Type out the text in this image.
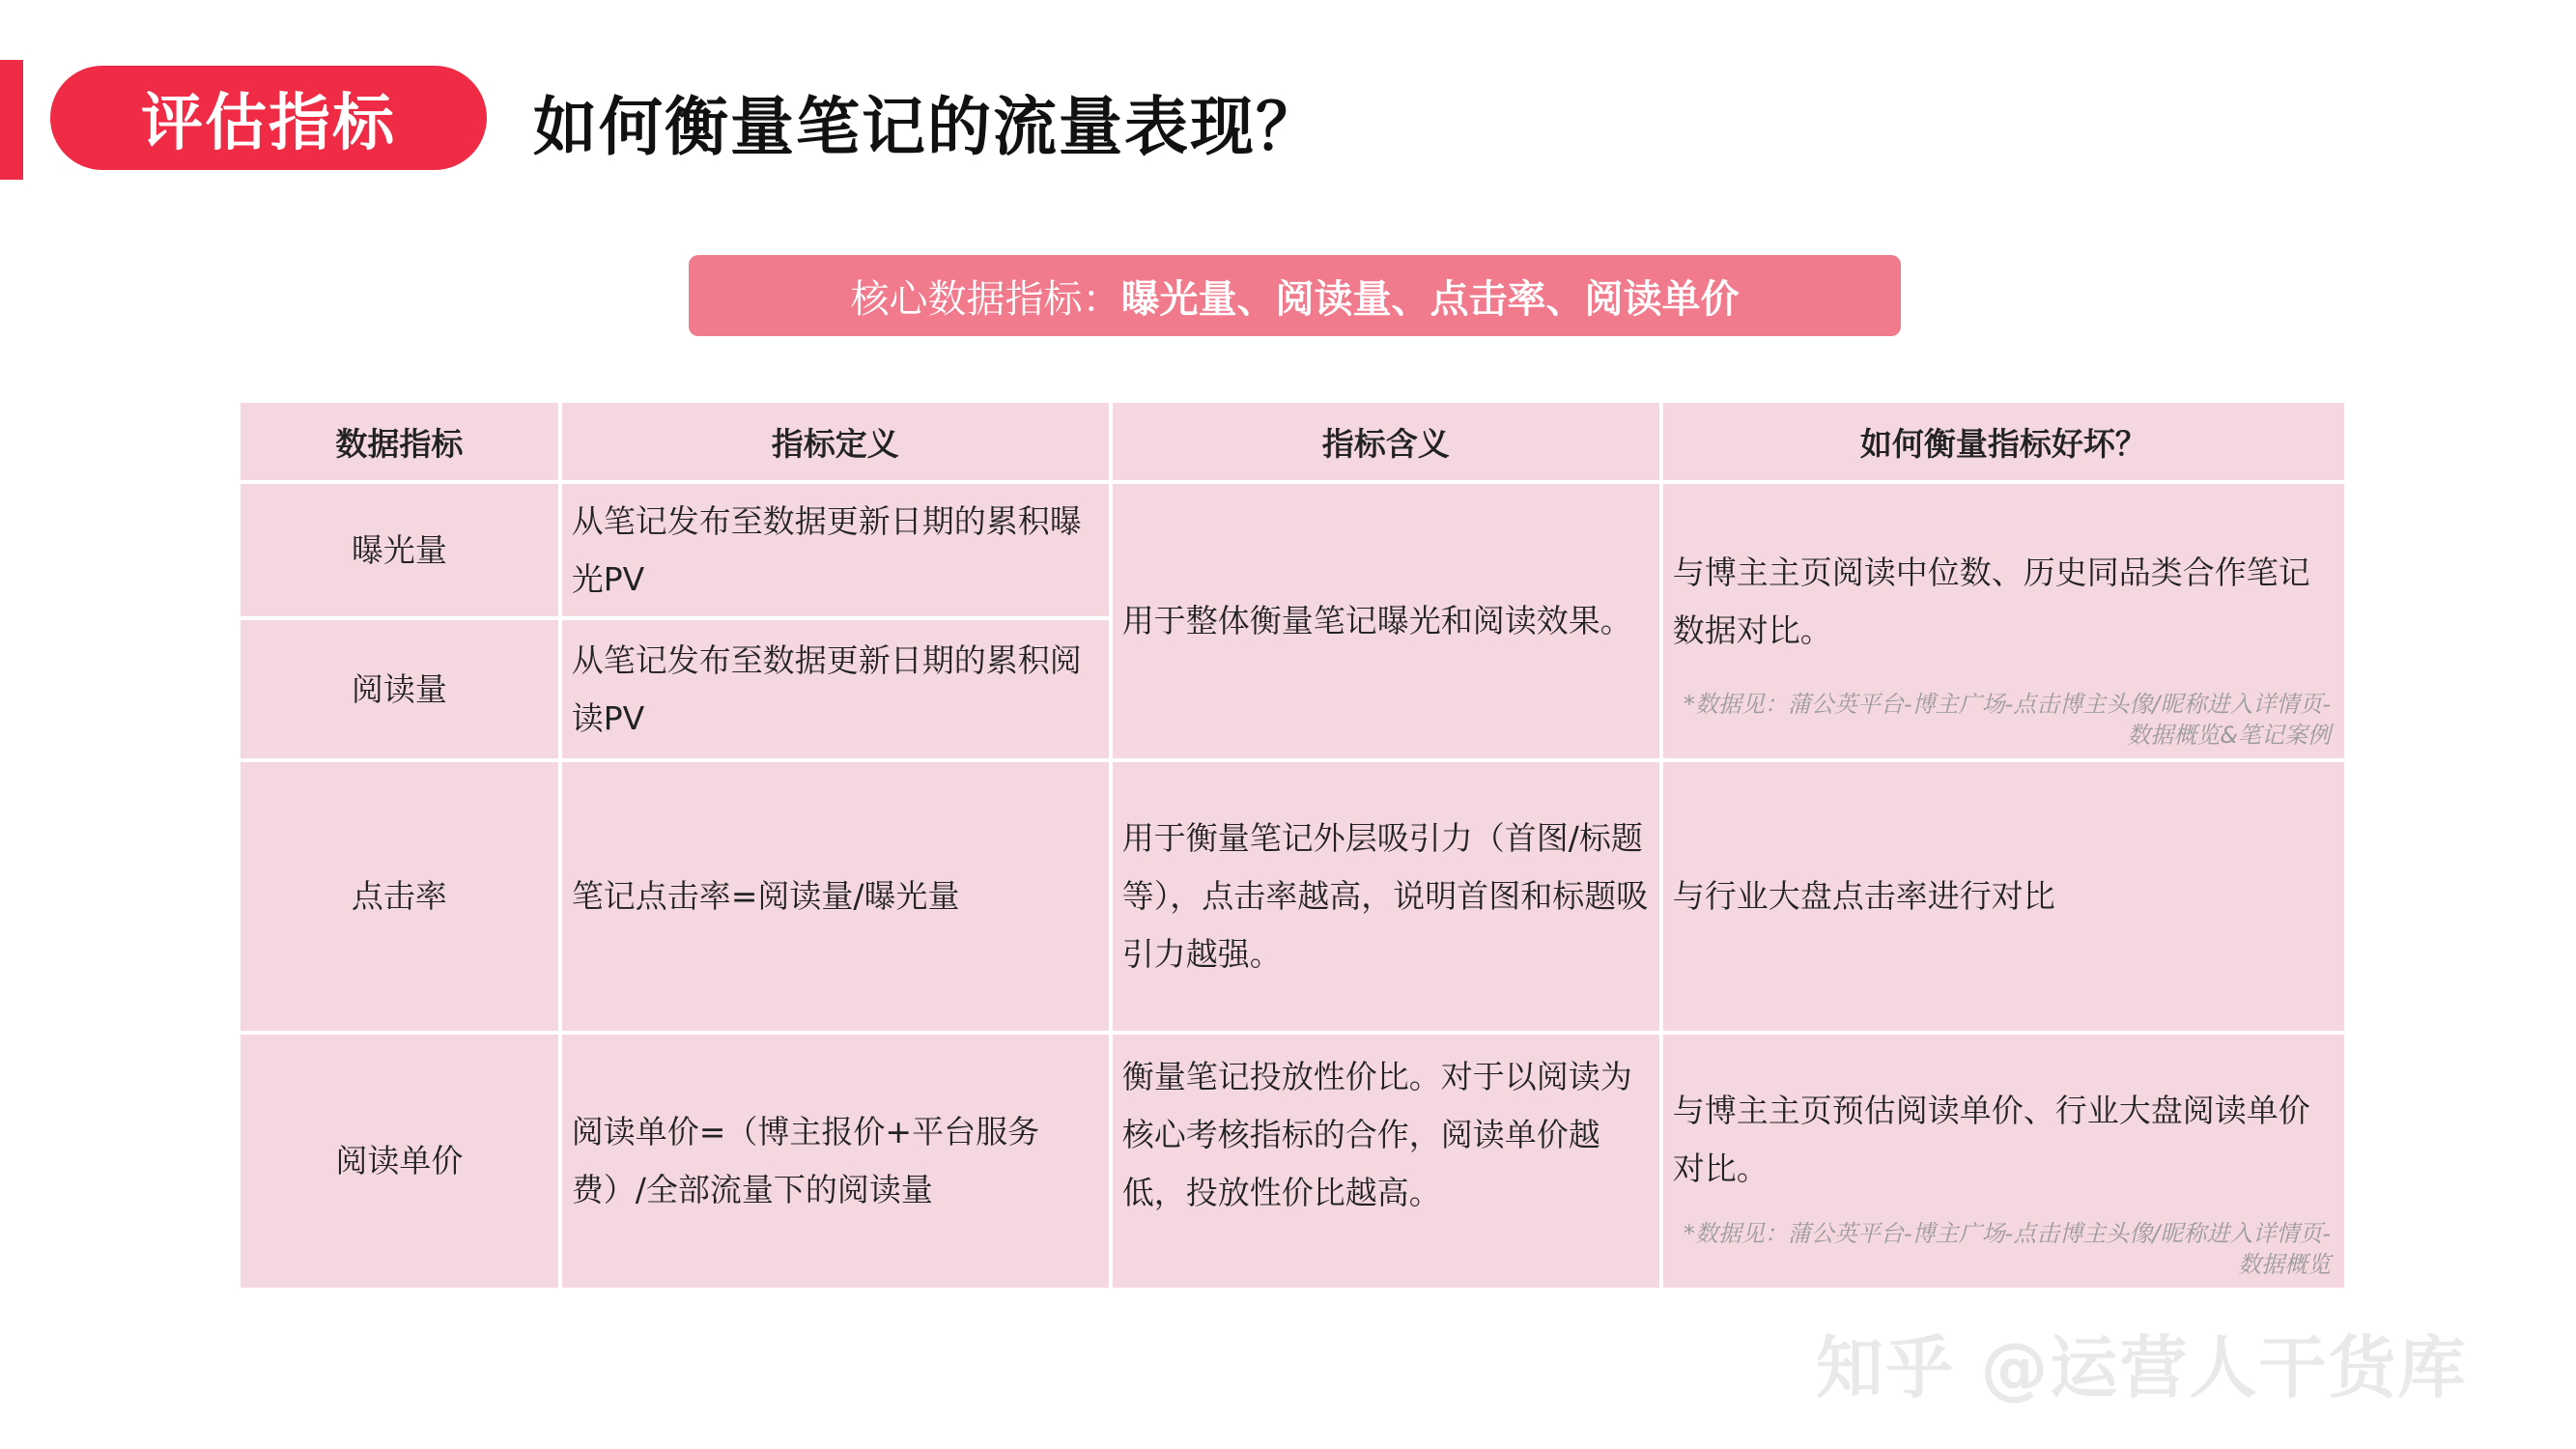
评估指标 如何衡量笔记的流量表现？
核心数据指标： 曝光量、阅读量、点击率、阅读单价
数据指标	指标定义	指标含义	如何衡量指标好坏？
曝光量	从笔记发布至数据更新日期的累积曝光PV	用于整体衡量笔记曝光和阅读效果。	与博主主页阅读中位数、历史同品类合作笔记数据对比。
*数据见：蒲公英平台-博主广场-点击博主头像/昵称进入详情页-数据概览&笔记案例

阅读量	从笔记发布至数据更新日期的累积阅读PV		
点击率	笔记点击率=阅读量/曝光量	用于衡量笔记外层吸引力（首图/标题等），点击率越高，说明首图和标题吸引力越强。	与行业大盘点击率进行对比
阅读单价	阅读单价=（博主报价+平台服务费）/全部流量下的阅读量	衡量笔记投放性价比。对于以阅读为核心考核指标的合作，阅读单价越低，投放性价比越高。	与博主主页预估阅读单价、行业大盘阅读单价对比。
*数据见：蒲公英平台-博主广场-点击博主头像/昵称进入详情页-数据概览
知乎 @运营人干货库
